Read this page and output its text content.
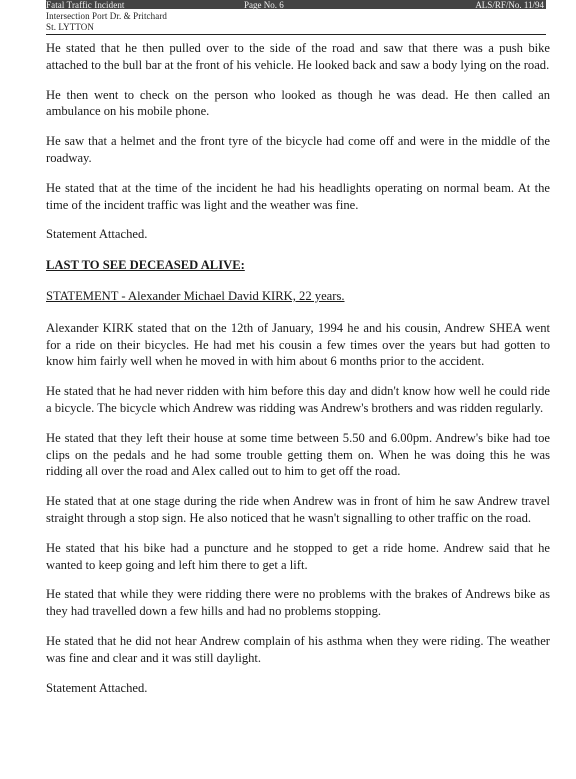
Fatal Traffic Incident	Page No. 6	ALS/RF/No. 11/94
Intersection Port Dr. & Pritchard
St. LYTTON

He stated that he then pulled over to the side of the road and saw that there was a push bike attached to the bull bar at the front of his vehicle. He looked back and saw a body lying on the road.

He then went to check on the person who looked as though he was dead. He then called an ambulance on his mobile phone.

He saw that a helmet and the front tyre of the bicycle had come off and were in the middle of the roadway.

He stated that at the time of the incident he had his headlights operating on normal beam. At the time of the incident traffic was light and the weather was fine.

Statement Attached.

LAST TO SEE DECEASED ALIVE:
STATEMENT - Alexander Michael David KIRK, 22 years.

Alexander KIRK stated that on the 12th of January, 1994 he and his cousin, Andrew SHEA went for a ride on their bicycles. He had met his cousin a few times over the years but had gotten to know him fairly well when he moved in with him about 6 months prior to the accident.

He stated that he had never ridden with him before this day and didn't know how well he could ride a bicycle. The bicycle which Andrew was ridding was Andrew's brothers and was ridden regularly.

He stated that they left their house at some time between 5.50 and 6.00pm. Andrew's bike had toe clips on the pedals and he had some trouble getting them on. When he was doing this he was ridding all over the road and Alex called out to him to get off the road.

He stated that at one stage during the ride when Andrew was in front of him he saw Andrew travel straight through a stop sign. He also noticed that he wasn't signalling to other traffic on the road.

He stated that his bike had a puncture and he stopped to get a ride home. Andrew said that he wanted to keep going and left him there to get a lift.

He stated that while they were ridding there were no problems with the brakes of Andrews bike as they had travelled down a few hills and had no problems stopping.

He stated that he did not hear Andrew complain of his asthma when they were riding. The weather was fine and clear and it was still daylight.

Statement Attached.
